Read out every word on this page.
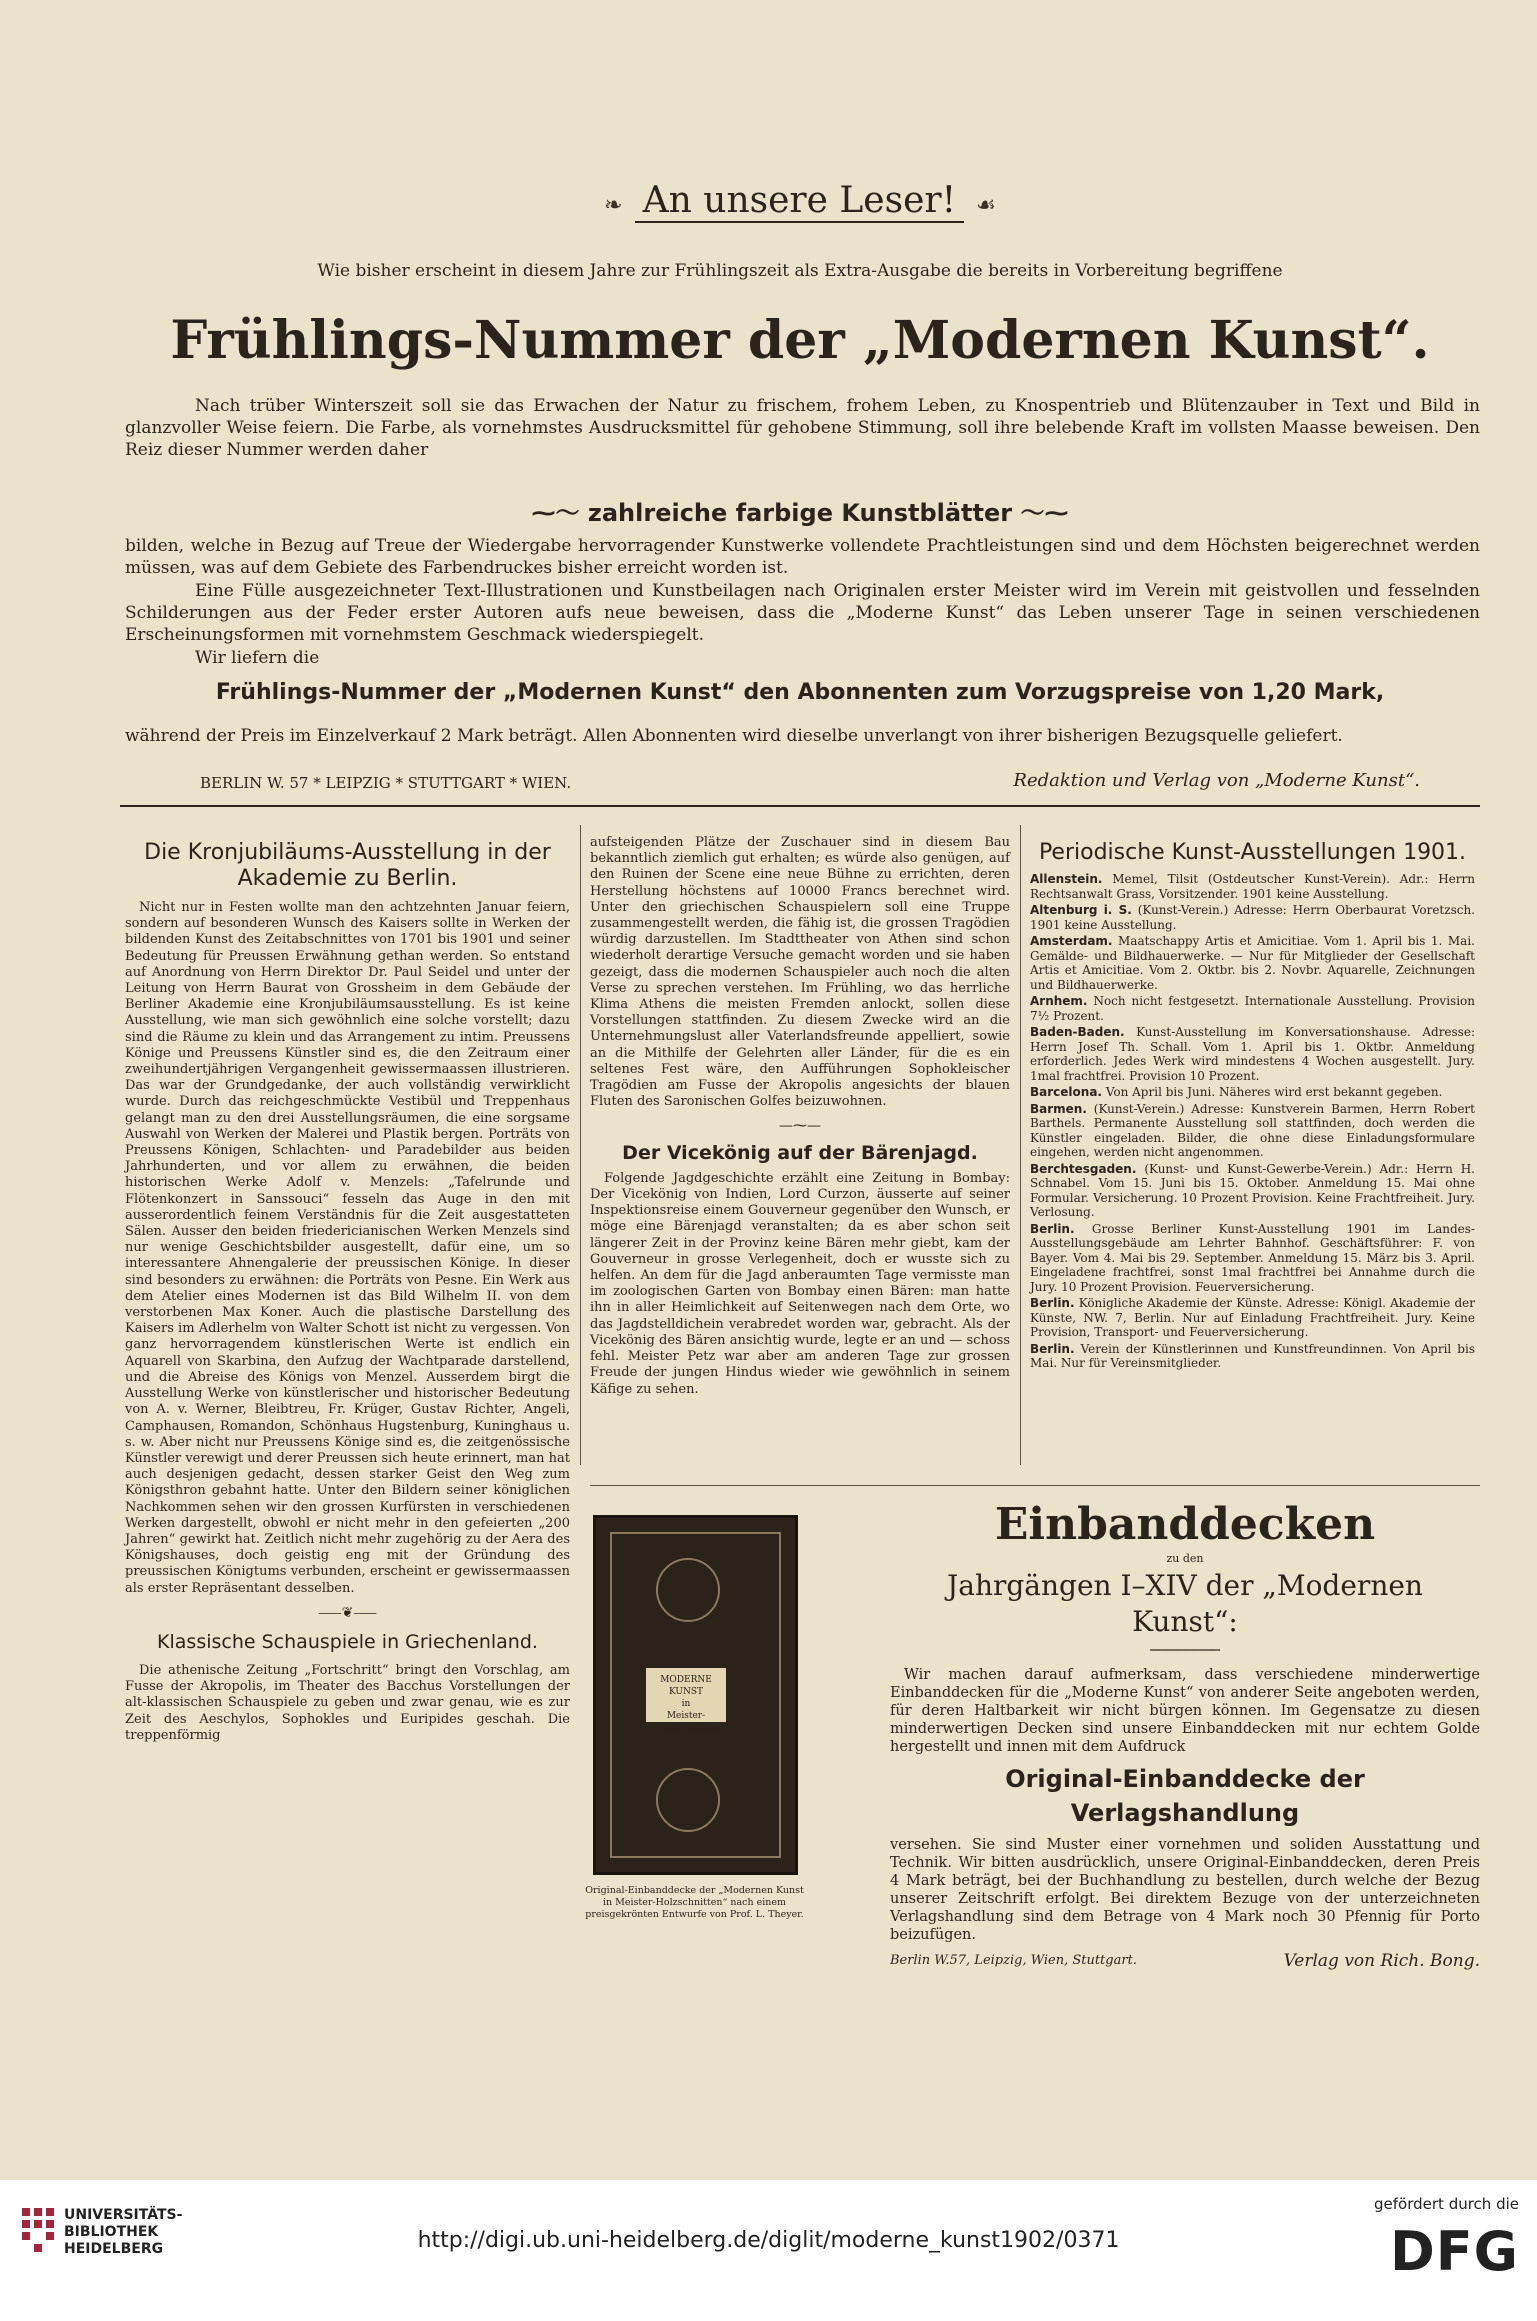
❧  An unsere Leser!  ☙
Wie bisher erscheint in diesem Jahre zur Frühlingszeit als Extra-Ausgabe die bereits in Vorbereitung begriffene
Frühlings-Nummer der „Modernen Kunst“.
Nach trüber Winterszeit soll sie das Erwachen der Natur zu frischem, frohem Leben, zu Knospentrieb und Blütenzauber in Text und Bild in glanzvoller Weise feiern. Die Farbe, als vornehmstes Ausdrucksmittel für gehobene Stimmung, soll ihre belebende Kraft im vollsten Maasse beweisen. Den Reiz dieser Nummer werden daher
⁓〜 zahlreiche farbige Kunstblätter 〜⁓
bilden, welche in Bezug auf Treue der Wiedergabe hervorragender Kunstwerke vollendete Prachtleistungen sind und dem Höchsten beigerechnet werden müssen, was auf dem Gebiete des Farbendruckes bisher erreicht worden ist.
Eine Fülle ausgezeichneter Text-Illustrationen und Kunstbeilagen nach Originalen erster Meister wird im Verein mit geistvollen und fesselnden Schilderungen aus der Feder erster Autoren aufs neue beweisen, dass die „Moderne Kunst“ das Leben unserer Tage in seinen verschiedenen Erscheinungsformen mit vornehmstem Geschmack wiederspiegelt.
Wir liefern die
Frühlings-Nummer der „Modernen Kunst“ den Abonnenten zum Vorzugspreise von 1,20 Mark,
während der Preis im Einzelverkauf 2 Mark beträgt. Allen Abonnenten wird dieselbe unverlangt von ihrer bisherigen Bezugsquelle geliefert.
BERLIN W. 57 * LEIPZIG * STUTTGART * WIEN.	Redaktion und Verlag von „Moderne Kunst“.
Die Kronjubiläums-Ausstellung in der Akademie zu Berlin.

Nicht nur in Festen wollte man den achtzehnten Januar feiern, sondern auf besonderen Wunsch des Kaisers sollte in Werken der bildenden Kunst des Zeitabschnittes von 1701 bis 1901 und seiner Bedeutung für Preussen Erwähnung gethan werden. So entstand auf Anordnung von Herrn Direktor Dr. Paul Seidel und unter der Leitung von Herrn Baurat von Grossheim in dem Gebäude der Berliner Akademie eine Kronjubiläumsausstellung. Es ist keine Ausstellung, wie man sich gewöhnlich eine solche vorstellt; dazu sind die Räume zu klein und das Arrangement zu intim. Preussens Könige und Preussens Künstler sind es, die den Zeitraum einer zweihundertjährigen Vergangenheit gewissermaassen illustrieren. Das war der Grundgedanke, der auch vollständig verwirklicht wurde. Durch das reichgeschmückte Vestibül und Treppenhaus gelangt man zu den drei Ausstellungsräumen, die eine sorgsame Auswahl von Werken der Malerei und Plastik bergen. Porträts von Preussens Königen, Schlachten- und Paradebilder aus beiden Jahrhunderten, und vor allem zu erwähnen, die beiden historischen Werke Adolf v. Menzels: „Tafelrunde und Flötenkonzert in Sanssouci“ fesseln das Auge in den mit ausserordentlich feinem Verständnis für die Zeit ausgestatteten Sälen. Ausser den beiden friedericianischen Werken Menzels sind nur wenige Geschichtsbilder ausgestellt, dafür eine, um so interessantere Ahnengalerie der preussischen Könige. In dieser sind besonders zu erwähnen: die Porträts von Pesne. Ein Werk aus dem Atelier eines Modernen ist das Bild Wilhelm II. von dem verstorbenen Max Koner. Auch die plastische Darstellung des Kaisers im Adlerhelm von Walter Schott ist nicht zu vergessen. Von ganz hervorragendem künstlerischen Werte ist endlich ein Aquarell von Skarbina, den Aufzug der Wachtparade darstellend, und die Abreise des Königs von Menzel. Ausserdem birgt die Ausstellung Werke von künstlerischer und historischer Bedeutung von A. v. Werner, Bleibtreu, Fr. Krüger, Gustav Richter, Angeli, Camphausen, Romandon, Schönhaus Hugstenburg, Kuninghaus u. s. w. Aber nicht nur Preussens Könige sind es, die zeitgenössische Künstler verewigt und derer Preussen sich heute erinnert, man hat auch desjenigen gedacht, dessen starker Geist den Weg zum Königsthron gebahnt hatte. Unter den Bildern seiner königlichen Nachkommen sehen wir den grossen Kurfürsten in verschiedenen Werken dargestellt, obwohl er nicht mehr in den gefeierten „200 Jahren“ gewirkt hat. Zeitlich nicht mehr zugehörig zu der Aera des Königshauses, doch geistig eng mit der Gründung des preussischen Königtums verbunden, erscheint er gewissermaassen als erster Repräsentant desselben.

⸺❦⸺
Klassische Schauspiele in Griechenland.

Die athenische Zeitung „Fortschritt“ bringt den Vorschlag, am Fusse der Akropolis, im Theater des Bacchus Vorstellungen der alt-klassischen Schauspiele zu geben und zwar genau, wie es zur Zeit des Aeschylos, Sophokles und Euripides geschah. Die treppenförmig

aufsteigenden Plätze der Zuschauer sind in diesem Bau bekanntlich ziemlich gut erhalten; es würde also genügen, auf den Ruinen der Scene eine neue Bühne zu errichten, deren Herstellung höchstens auf 10000 Francs berechnet wird. Unter den griechischen Schauspielern soll eine Truppe zusammengestellt werden, die fähig ist, die grossen Tragödien würdig darzustellen. Im Stadttheater von Athen sind schon wiederholt derartige Versuche gemacht worden und sie haben gezeigt, dass die modernen Schauspieler auch noch die alten Verse zu sprechen verstehen. Im Frühling, wo das herrliche Klima Athens die meisten Fremden anlockt, sollen diese Vorstellungen stattfinden. Zu diesem Zwecke wird an die Unternehmungslust aller Vaterlandsfreunde appelliert, sowie an die Mithilfe der Gelehrten aller Länder, für die es ein seltenes Fest wäre, den Aufführungen Sophokleischer Tragödien am Fusse der Akropolis angesichts der blauen Fluten des Saronischen Golfes beizuwohnen.

—⁓—
Der Vicekönig auf der Bärenjagd.

Folgende Jagdgeschichte erzählt eine Zeitung in Bombay: Der Vicekönig von Indien, Lord Curzon, äusserte auf seiner Inspektionsreise einem Gouverneur gegenüber den Wunsch, er möge eine Bärenjagd veranstalten; da es aber schon seit längerer Zeit in der Provinz keine Bären mehr giebt, kam der Gouverneur in grosse Verlegenheit, doch er wusste sich zu helfen. An dem für die Jagd anberaumten Tage vermisste man im zoologischen Garten von Bombay einen Bären: man hatte ihn in aller Heimlichkeit auf Seitenwegen nach dem Orte, wo das Jagdstelldichein verabredet worden war, gebracht. Als der Vicekönig des Bären ansichtig wurde, legte er an und — schoss fehl. Meister Petz war aber am anderen Tage zur grossen Freude der jungen Hindus wieder wie gewöhnlich in seinem Käfige zu sehen.

Periodische Kunst-Ausstellungen 1901.
Allenstein. Memel, Tilsit (Ostdeutscher Kunst-Verein). Adr.: Herrn Rechtsanwalt Grass, Vorsitzender. 1901 keine Ausstellung.
Altenburg i. S. (Kunst-Verein.) Adresse: Herrn Oberbaurat Voretzsch. 1901 keine Ausstellung.
Amsterdam. Maatschappy Artis et Amicitiae. Vom 1. April bis 1. Mai. Gemälde- und Bildhauerwerke. — Nur für Mitglieder der Gesellschaft Artis et Amicitiae. Vom 2. Oktbr. bis 2. Novbr. Aquarelle, Zeichnungen und Bildhauerwerke.
Arnhem. Noch nicht festgesetzt. Internationale Ausstellung. Provision 7½ Prozent.
Baden-Baden. Kunst-Ausstellung im Konversationshause. Adresse: Herrn Josef Th. Schall. Vom 1. April bis 1. Oktbr. Anmeldung erforderlich. Jedes Werk wird mindestens 4 Wochen ausgestellt. Jury. 1mal frachtfrei. Provision 10 Prozent.
Barcelona. Von April bis Juni. Näheres wird erst bekannt gegeben.
Barmen. (Kunst-Verein.) Adresse: Kunstverein Barmen, Herrn Robert Barthels. Permanente Ausstellung soll stattfinden, doch werden die Künstler eingeladen. Bilder, die ohne diese Einladungsformulare eingehen, werden nicht angenommen.
Berchtesgaden. (Kunst- und Kunst-Gewerbe-Verein.) Adr.: Herrn H. Schnabel. Vom 15. Juni bis 15. Oktober. Anmeldung 15. Mai ohne Formular. Versicherung. 10 Prozent Provision. Keine Frachtfreiheit. Jury. Verlosung.
Berlin. Grosse Berliner Kunst-Ausstellung 1901 im Landes-Ausstellungsgebäude am Lehrter Bahnhof. Geschäftsführer: F. von Bayer. Vom 4. Mai bis 29. September. Anmeldung 15. März bis 3. April. Eingeladene frachtfrei, sonst 1mal frachtfrei bei Annahme durch die Jury. 10 Prozent Provision. Feuerversicherung.
Berlin. Königliche Akademie der Künste. Adresse: Königl. Akademie der Künste, NW. 7, Berlin. Nur auf Einladung Frachtfreiheit. Jury. Keine Provision, Transport- und Feuerversicherung.
Berlin. Verein der Künstlerinnen und Kunstfreundinnen. Von April bis Mai. Nur für Vereinsmitglieder.
MODERNE KUNST
in
Meister-Holzschnitten
Original-Einbanddecke der „Modernen Kunst in Meister-Holzschnitten“ nach einem preisgekrönten Entwurfe von Prof. L. Theyer.
Einbanddecken
zu den
Jahrgängen I–XIV der „Modernen Kunst“:
────────

Wir machen darauf aufmerksam, dass verschiedene minderwertige Einbanddecken für die „Moderne Kunst“ von anderer Seite angeboten werden, für deren Haltbarkeit wir nicht bürgen können. Im Gegensatze zu diesen minderwertigen Decken sind unsere Einbanddecken mit nur echtem Golde hergestellt und innen mit dem Aufdruck

Original-Einbanddecke der Verlagshandlung

versehen. Sie sind Muster einer vornehmen und soliden Ausstattung und Technik. Wir bitten ausdrücklich, unsere Original-Einbanddecken, deren Preis 4 Mark beträgt, bei der Buchhandlung zu bestellen, durch welche der Bezug unserer Zeitschrift erfolgt. Bei direktem Bezuge von der unterzeichneten Verlagshandlung sind dem Betrage von 4 Mark noch 30 Pfennig für Porto beizufügen.

Berlin W.57, Leipzig, Wien, Stuttgart.	Verlag von Rich. Bong.
UNIVERSITÄTS-
BIBLIOTHEK
HEIDELBERG	http://digi.ub.uni-heidelberg.de/diglit/moderne_kunst1902/0371
gefördert durch die
DFG
